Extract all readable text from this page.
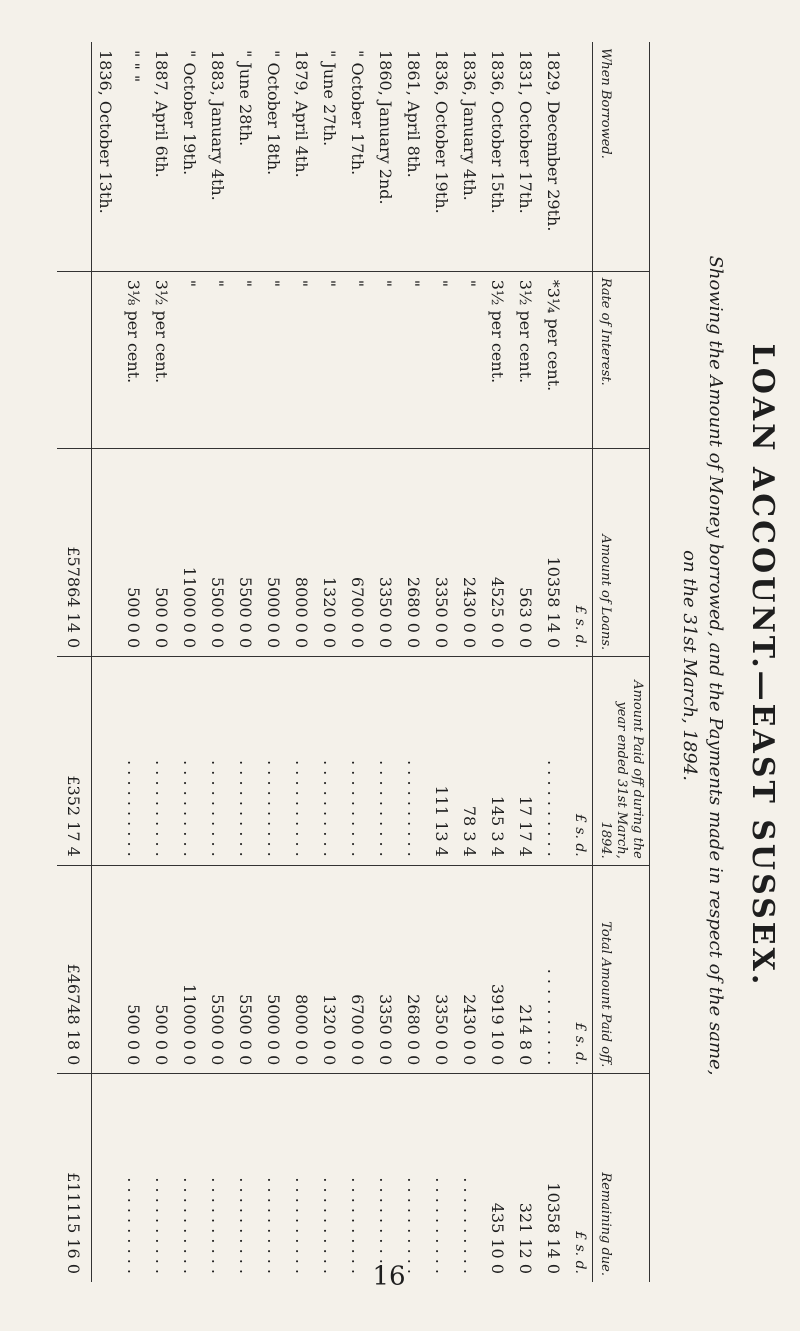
LOAN ACCOUNT.—EAST SUSSEX.
Showing the Amount of Money borrowed, and the Payments made in respect of the same,
on the 31st March, 1894.
When Borrowed.	Rate of Interest.	Amount of Loans.	Amount Paid off during the year ended 31st March, 1894.	Total Amount Paid off.	Remaining due.
		£ s. d.	£ s. d.	£ s. d.	£ s. d.
1829, December 29th.	*3¼ per cent.	10358 14 0	. . . . . . . . . .	. . . . . . . . . .	10358 14 0
1831, October 17th.	3½ per cent.	563 0 0	17 17 4	214 8 0	321 12 0
1836, October 15th.	3½ per cent.	4525 0 0	145 3 4	3919 10 0	435 10 0
1836, January 4th.	"	2430 0 0	78 3 4	2430 0 0	. . . . . . . . . .
1836, October 19th.	"	3350 0 0	111 13 4	3350 0 0	. . . . . . . . . .
1861, April 8th.	"	2680 0 0	. . . . . . . . . .	2680 0 0	. . . . . . . . . .
1860, January 2nd.	"	3350 0 0	. . . . . . . . . .	3350 0 0	. . . . . . . . . .
" October 17th.	"	6700 0 0	. . . . . . . . . .	6700 0 0	. . . . . . . . . .
" June 27th.	"	1320 0 0	. . . . . . . . . .	1320 0 0	. . . . . . . . . .
1879, April 4th.	"	8000 0 0	. . . . . . . . . .	8000 0 0	. . . . . . . . . .
" October 18th.	"	5000 0 0	. . . . . . . . . .	5000 0 0	. . . . . . . . . .
" June 28th.	"	5500 0 0	. . . . . . . . . .	5500 0 0	. . . . . . . . . .
1883, January 4th.	"	5500 0 0	. . . . . . . . . .	5500 0 0	. . . . . . . . . .
" October 19th.	"	11000 0 0	. . . . . . . . . .	11000 0 0	. . . . . . . . . .
1887, April 6th.	3½ per cent.	500 0 0	. . . . . . . . . .	500 0 0	. . . . . . . . . .
" " "	3⅛ per cent.	500 0 0	. . . . . . . . . .	500 0 0	. . . . . . . . . .
1836, October 13th.					
		£57864 14 0	£352 17 4	£46748 18 0	£11115 16 0
16
